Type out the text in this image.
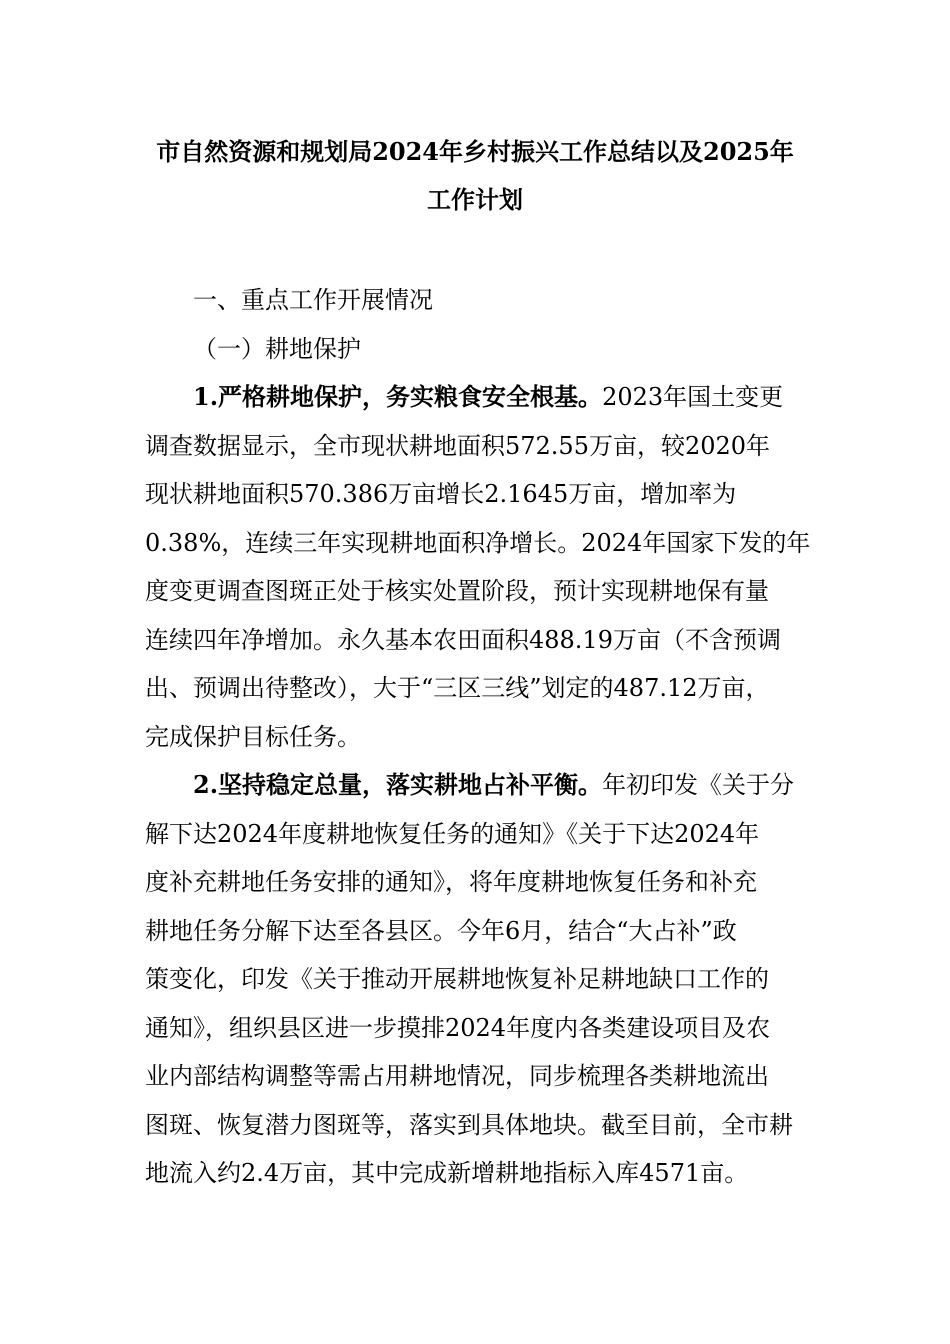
市自然资源和规划局2024年乡村振兴工作总结以及2025年
工作计划
一、重点工作开展情况
（一）耕地保护
1.严格耕地保护，务实粮食安全根基。2023年国土变更
调查数据显示，全市现状耕地面积572.55万亩，较2020年
现状耕地面积570.386万亩增长2.1645万亩，增加率为
0.38%，连续三年实现耕地面积净增长。2024年国家下发的年
度变更调查图斑正处于核实处置阶段，预计实现耕地保有量
连续四年净增加。永久基本农田面积488.19万亩（不含预调
出、预调出待整改），大于“三区三线”划定的487.12万亩，
完成保护目标任务。
2.坚持稳定总量，落实耕地占补平衡。年初印发《关于分
解下达2024年度耕地恢复任务的通知》《关于下达2024年
度补充耕地任务安排的通知》，将年度耕地恢复任务和补充
耕地任务分解下达至各县区。今年6月，结合“大占补”政
策变化，印发《关于推动开展耕地恢复补足耕地缺口工作的
通知》，组织县区进一步摸排2024年度内各类建设项目及农
业内部结构调整等需占用耕地情况，同步梳理各类耕地流出
图斑、恢复潜力图斑等，落实到具体地块。截至目前，全市耕
地流入约2.4万亩，其中完成新增耕地指标入库4571亩。
